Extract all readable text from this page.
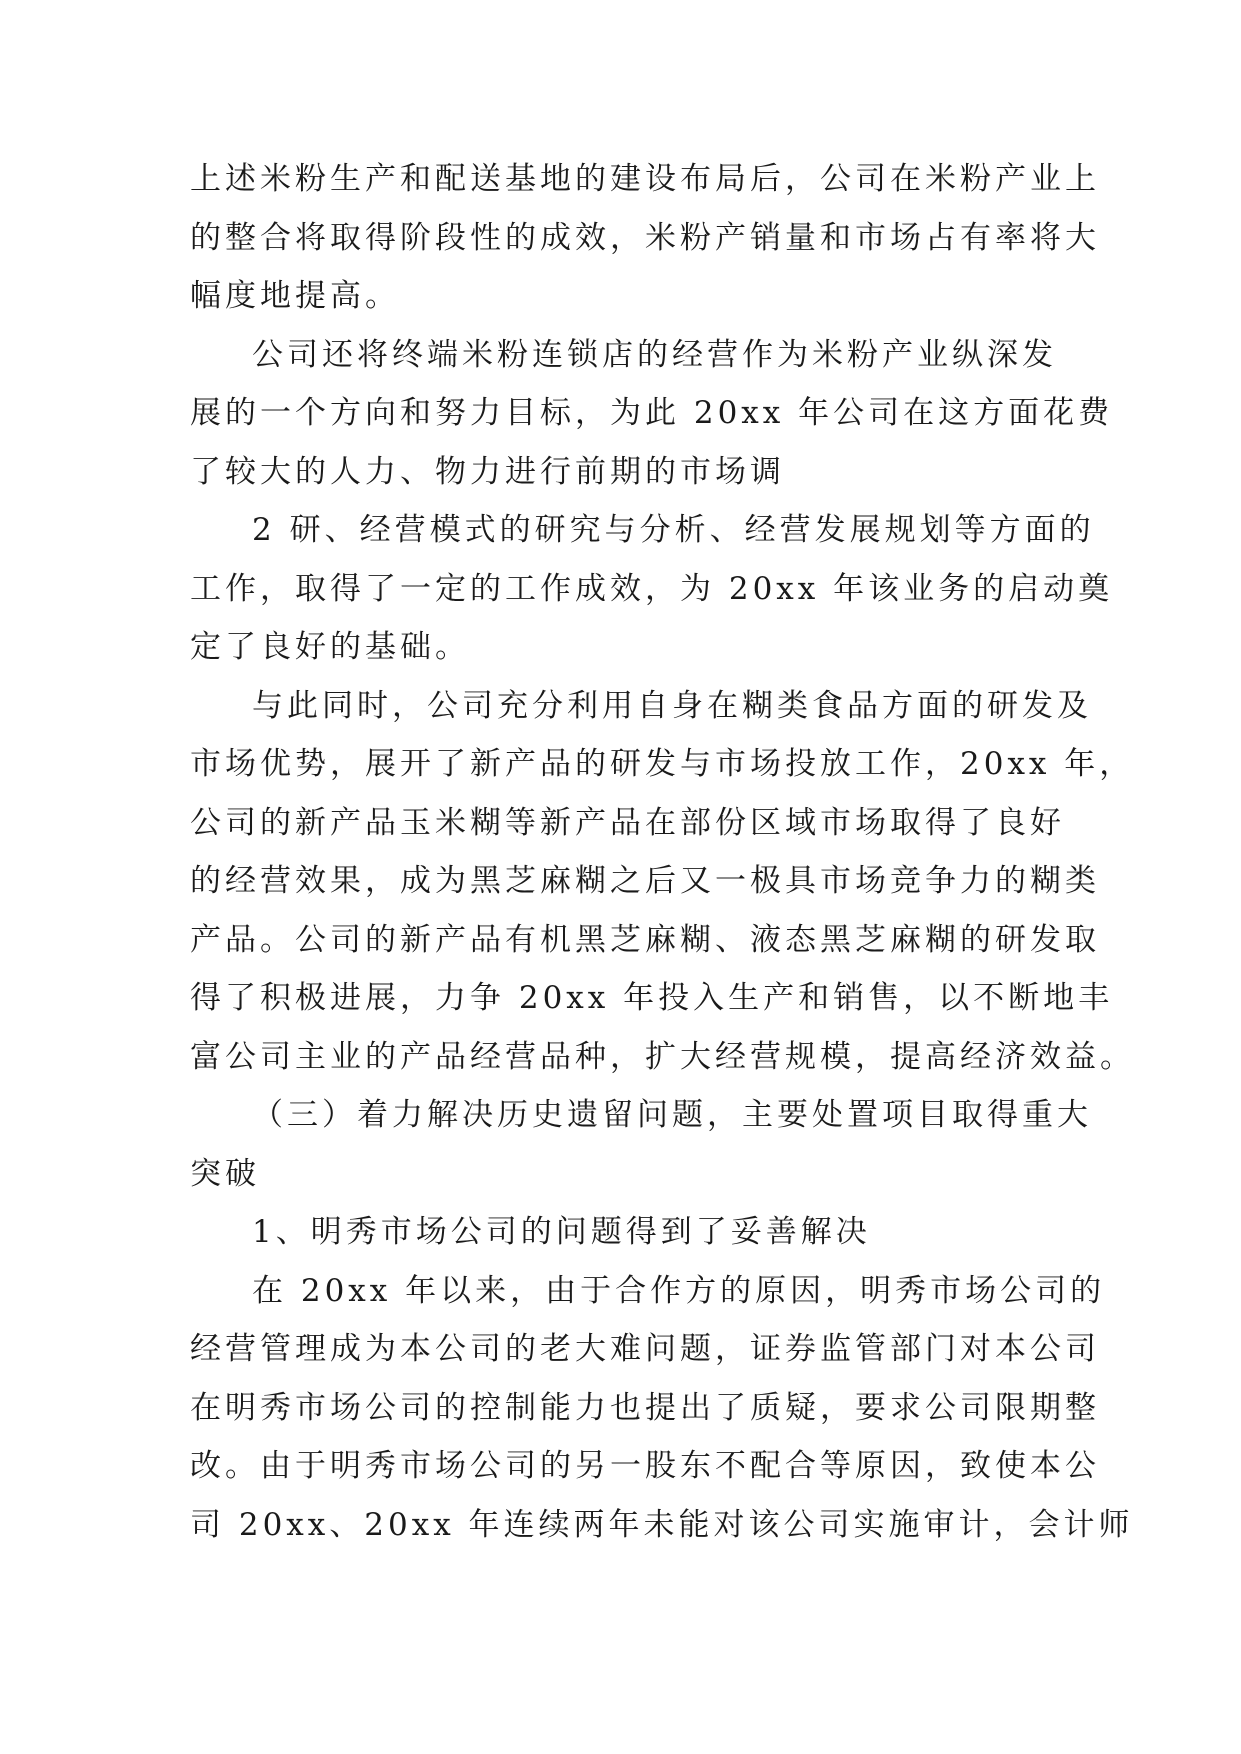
上述米粉生产和配送基地的建设布局后，公司在米粉产业上
的整合将取得阶段性的成效，米粉产销量和市场占有率将大
幅度地提高。
公司还将终端米粉连锁店的经营作为米粉产业纵深发
展的一个方向和努力目标，为此 20xx 年公司在这方面花费
了较大的人力、物力进行前期的市场调
2 研、经营模式的研究与分析、经营发展规划等方面的
工作，取得了一定的工作成效，为 20xx 年该业务的启动奠
定了良好的基础。
与此同时，公司充分利用自身在糊类食品方面的研发及
市场优势，展开了新产品的研发与市场投放工作，20xx 年，
公司的新产品玉米糊等新产品在部份区域市场取得了良好
的经营效果，成为黑芝麻糊之后又一极具市场竞争力的糊类
产品。公司的新产品有机黑芝麻糊、液态黑芝麻糊的研发取
得了积极进展，力争 20xx 年投入生产和销售，以不断地丰
富公司主业的产品经营品种，扩大经营规模，提高经济效益。
（三）着力解决历史遗留问题，主要处置项目取得重大
突破
1、明秀市场公司的问题得到了妥善解决
在 20xx 年以来，由于合作方的原因，明秀市场公司的
经营管理成为本公司的老大难问题，证券监管部门对本公司
在明秀市场公司的控制能力也提出了质疑，要求公司限期整
改。由于明秀市场公司的另一股东不配合等原因，致使本公
司 20xx、20xx 年连续两年未能对该公司实施审计，会计师
